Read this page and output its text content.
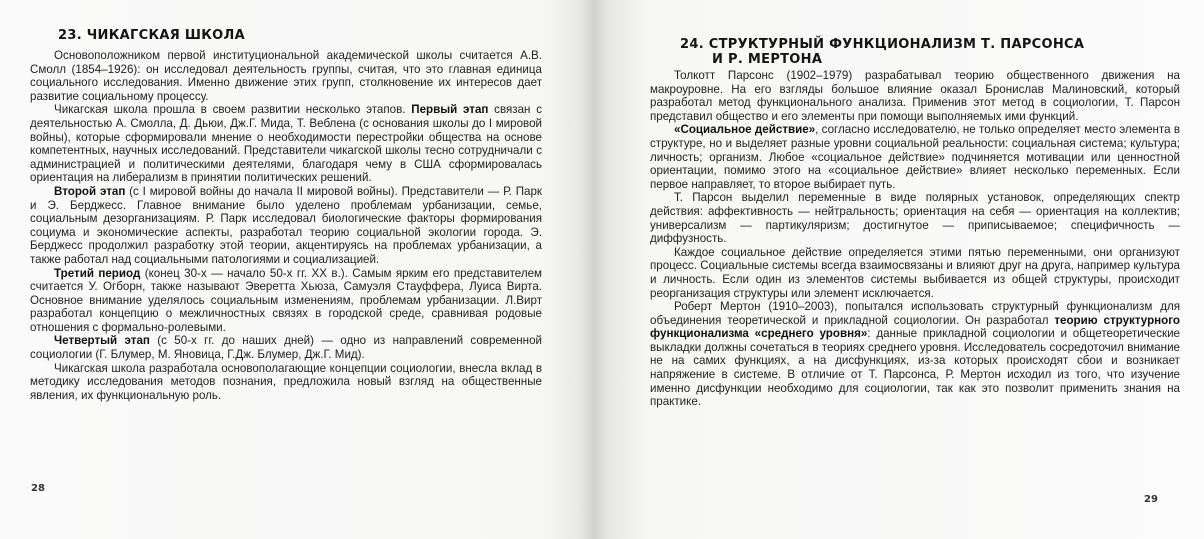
23. ЧИКАГСКАЯ ШКОЛА

Основоположником первой институциональной академической школы считается А.В. Смолл (1854–1926): он исследовал деятельность группы, считая, что это главная единица социального исследования. Именно движение этих групп, столкновение их интересов дает развитие социальному процессу.

Чикагская школа прошла в своем развитии несколько этапов. Первый этап связан с деятельностью А. Смолла, Д. Дьюи, Дж.Г. Мида, Т. Веблена (с основания школы до I мировой войны), которые сформировали мнение о необходимости перестройки общества на основе компетентных, научных исследований. Представители чикагской школы тесно сотрудничали с администрацией и политическими деятелями, благодаря чему в США сформировалась ориентация на либерализм в принятии политических решений.

Второй этап (с I мировой войны до начала II мировой войны). Представители — Р. Парк и Э. Берджесс. Главное внимание было уделено проблемам урбанизации, семье, социальным дезорганизациям. Р. Парк исследовал биологические факторы формирования социума и экономические аспекты, разработал теорию социальной экологии города. Э. Берджесс продолжил разработку этой теории, акцентируясь на проблемах урбанизации, а также работал над социальными патологиями и социализацией.

Третий период (конец 30-х — начало 50-х гг. XX в.). Самым ярким его представителем считается У. Огборн, также называют Эверетта Хьюза, Самуэля Стауффера, Луиса Вирта. Основное внимание уделялось социальным изменениям, проблемам урбанизации. Л.Вирт разработал концепцию о межличностных связях в городской среде, сравнивая родовые отношения с формально-ролевыми.

Четвертый этап (с 50-х гг. до наших дней) — одно из направлений современной социологии (Г. Блумер, М. Яновица, Г.Дж. Блумер, Дж.Г. Мид).

Чикагская школа разработала основополагающие концепции социологии, внесла вклад в методику исследования методов познания, предложила новый взгляд на общественные явления, их функциональную роль.

28
24. СТРУКТУРНЫЙ ФУНКЦИОНАЛИЗМ Т. ПАРСОНСА
И Р. МЕРТОНА

Толкотт Парсонс (1902–1979) разрабатывал теорию общественного движения на макроуровне. На его взгляды большое влияние оказал Бронислав Малиновский, который разработал метод функционального анализа. Применив этот метод в социологии, Т. Парсон представил общество и его элементы при помощи выполняемых ими функций.

«Социальное действие», согласно исследователю, не только определяет место элемента в структуре, но и выделяет разные уровни социальной реальности: социальная система; культура; личность; организм. Любое «социальное действие» подчиняется мотивации или ценностной ориентации, помимо этого на «социальное действие» влияет несколько переменных. Если первое направляет, то второе выбирает путь.

Т. Парсон выделил переменные в виде полярных установок, определяющих спектр действия: аффективность — нейтральность; ориентация на себя — ориентация на коллектив; универсализм — партикуляризм; достигнутое — приписываемое; специфичность — диффузность.

Каждое социальное действие определяется этими пятью переменными, они организуют процесс. Социальные системы всегда взаимосвязаны и влияют друг на друга, например культура и личность. Если один из элементов системы выбивается из общей структуры, происходит реорганизация структуры или элемент исключается.

Роберт Мертон (1910–2003), попытался использовать структурный функционализм для объединения теоретической и прикладной социологии. Он разработал теорию структурного функционализма «среднего уровня»: данные прикладной социологии и общетеоретические выкладки должны сочетаться в теориях среднего уровня. Исследователь сосредоточил внимание не на самих функциях, а на дисфункциях, из-за которых происходят сбои и возникает напряжение в системе. В отличие от Т. Парсонса, Р. Мертон исходил из того, что изучение именно дисфункции необходимо для социологии, так как это позволит применить знания на практике.

29
